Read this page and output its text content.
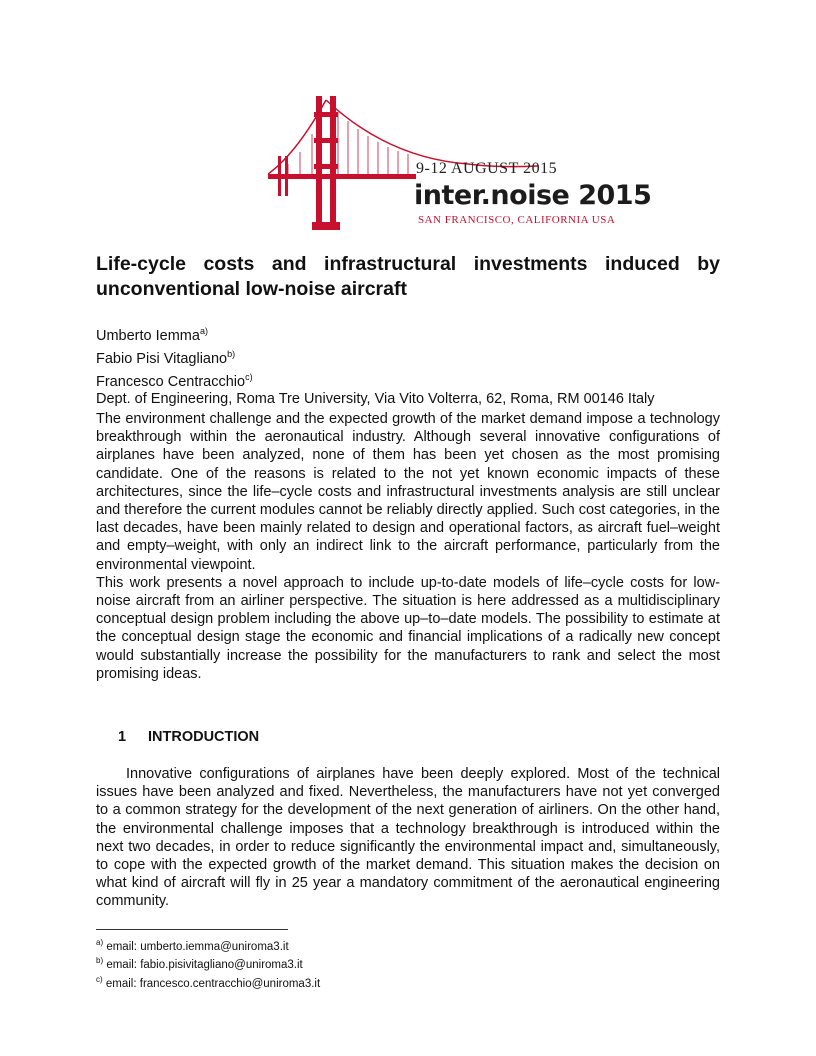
9-12 AUGUST 2015
inter.noise 2015
SAN FRANCISCO, CALIFORNIA USA
Life-cycle costs and infrastructural investments induced by unconventional low-noise aircraft
Umberto Iemma$^{a)}$
Fabio Pisi Vitagliano$^{b)}$
Francesco Centracchio$^{c)}$
Dept. of Engineering, Roma Tre University, Via Vito Volterra, 62, Roma, RM 00146 Italy

The environment challenge and the expected growth of the market demand impose a technology breakthrough within the aeronautical industry. Although several innovative configurations of airplanes have been analyzed, none of them has been yet chosen as the most promising candidate. One of the reasons is related to the not yet known economic impacts of these architectures, since the life–cycle costs and infrastructural investments analysis are still unclear and therefore the current modules cannot be reliably directly applied. Such cost categories, in the last decades, have been mainly related to design and operational factors, as aircraft fuel–weight and empty–weight, with only an indirect link to the aircraft performance, particularly from the environmental viewpoint.

This work presents a novel approach to include up-to-date models of life–cycle costs for low-noise aircraft from an airliner perspective. The situation is here addressed as a multidisciplinary conceptual design problem including the above up–to–date models. The possibility to estimate at the conceptual design stage the economic and financial implications of a radically new concept would substantially increase the possibility for the manufacturers to rank and select the most promising ideas.

1 INTRODUCTION

Innovative configurations of airplanes have been deeply explored. Most of the technical issues have been analyzed and fixed. Nevertheless, the manufacturers have not yet converged to a common strategy for the development of the next generation of airliners. On the other hand, the environmental challenge imposes that a technology breakthrough is introduced within the next two decades, in order to reduce significantly the environmental impact and, simultaneously, to cope with the expected growth of the market demand. This situation makes the decision on what kind of aircraft will fly in 25 year a mandatory commitment of the aeronautical engineering community.

$^{a)}$ email: umberto.iemma@uniroma3.it
$^{b)}$ email: fabio.pisivitagliano@uniroma3.it
$^{c)}$ email: francesco.centracchio@uniroma3.it
